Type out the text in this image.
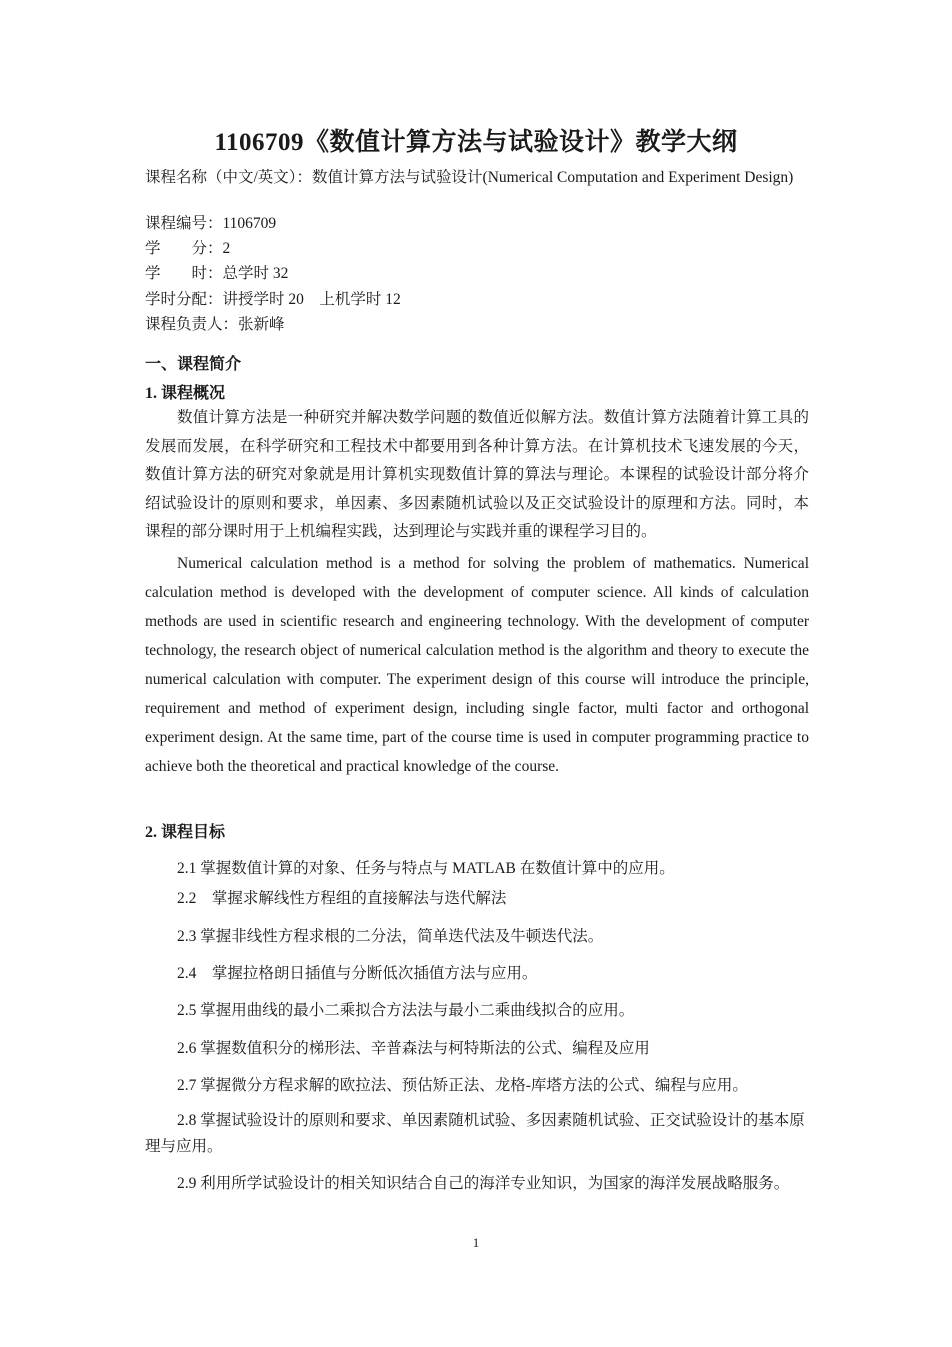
1106709《数值计算方法与试验设计》教学大纲
课程名称（中文/英文）：数值计算方法与试验设计(Numerical Computation and Experiment Design)
课程编号：1106709
学　　分：2
学　　时：总学时 32
学时分配：讲授学时 20　上机学时 12
课程负责人：张新峰
一、课程简介
1. 课程概况

数值计算方法是一种研究并解决数学问题的数值近似解方法。数值计算方法随着计算工具的发展而发展，在科学研究和工程技术中都要用到各种计算方法。在计算机技术飞速发展的今天，数值计算方法的研究对象就是用计算机实现数值计算的算法与理论。本课程的试验设计部分将介绍试验设计的原则和要求，单因素、多因素随机试验以及正交试验设计的原理和方法。同时，本课程的部分课时用于上机编程实践，达到理论与实践并重的课程学习目的。

Numerical calculation method is a method for solving the problem of mathematics. Numerical calculation method is developed with the development of computer science. All kinds of calculation methods are used in scientific research and engineering technology. With the development of computer technology, the research object of numerical calculation method is the algorithm and theory to execute the numerical calculation with computer. The experiment design of this course will introduce the principle, requirement and method of experiment design, including single factor, multi factor and orthogonal experiment design. At the same time, part of the course time is used in computer programming practice to achieve both the theoretical and practical knowledge of the course.

2. 课程目标
2.1 掌握数值计算的对象、任务与特点与 MATLAB 在数值计算中的应用。
2.2　掌握求解线性方程组的直接解法与迭代解法
2.3 掌握非线性方程求根的二分法，简单迭代法及牛顿迭代法。
2.4　掌握拉格朗日插值与分断低次插值方法与应用。
2.5 掌握用曲线的最小二乘拟合方法法与最小二乘曲线拟合的应用。
2.6 掌握数值积分的梯形法、辛普森法与柯特斯法的公式、编程及应用
2.7 掌握微分方程求解的欧拉法、预估矫正法、龙格-库塔方法的公式、编程与应用。

2.8 掌握试验设计的原则和要求、单因素随机试验、多因素随机试验、正交试验设计的基本原理与应用。

2.9 利用所学试验设计的相关知识结合自己的海洋专业知识，为国家的海洋发展战略服务。

1
